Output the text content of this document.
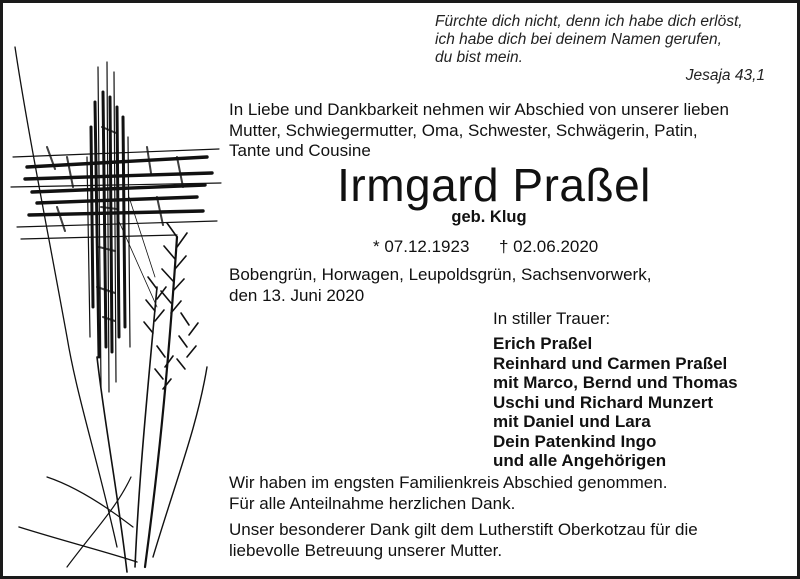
Fürchte dich nicht, denn ich habe dich erlöst,
ich habe dich bei deinem Namen gerufen,
du bist mein.
Jesaja 43,1
In Liebe und Dankbarkeit nehmen wir Abschied von unserer lieben
Mutter, Schwiegermutter, Oma, Schwester, Schwägerin, Patin,
Tante und Cousine
Irmgard Praßel
geb. Klug
* 07.12.1923 † 02.06.2020
Bobengrün, Horwagen, Leupoldsgrün, Sachsenvorwerk,
den 13. Juni 2020
In stiller Trauer:
Erich Praßel
Reinhard und Carmen Praßel
mit Marco, Bernd und Thomas
Uschi und Richard Munzert
mit Daniel und Lara
Dein Patenkind Ingo
und alle Angehörigen
Wir haben im engsten Familienkreis Abschied genommen.
Für alle Anteilnahme herzlichen Dank.
Unser besonderer Dank gilt dem Lutherstift Oberkotzau für die
liebevolle Betreuung unserer Mutter.
